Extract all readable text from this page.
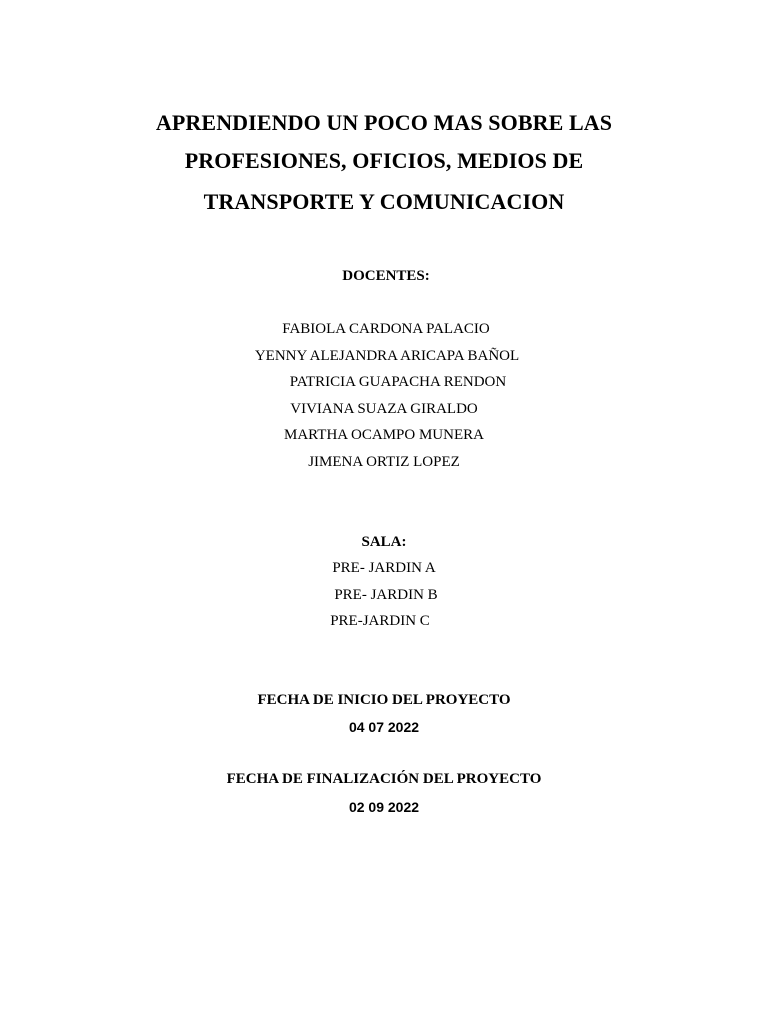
APRENDIENDO UN POCO MAS SOBRE LAS
PROFESIONES, OFICIOS, MEDIOS DE
TRANSPORTE Y COMUNICACION
DOCENTES:
FABIOLA CARDONA PALACIO
YENNY ALEJANDRA ARICAPA BAÑOL
PATRICIA GUAPACHA RENDON
VIVIANA SUAZA GIRALDO
MARTHA OCAMPO MUNERA
JIMENA ORTIZ LOPEZ
SALA:
PRE- JARDIN A
PRE- JARDIN B
PRE-JARDIN C
FECHA DE INICIO DEL PROYECTO
04 07 2022
FECHA DE FINALIZACIÓN DEL PROYECTO
02 09 2022
